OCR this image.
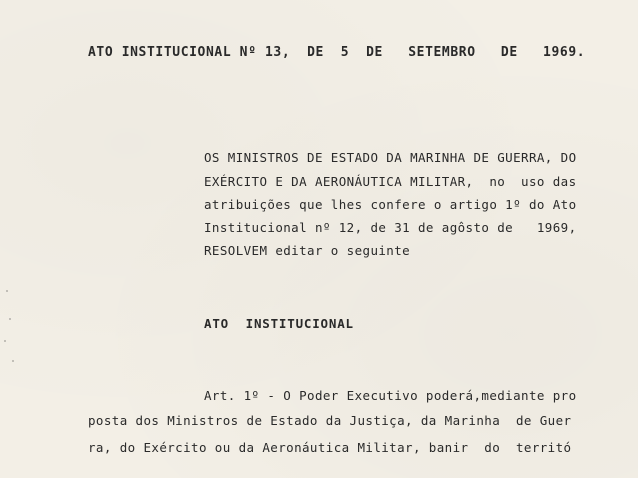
ATO INSTITUCIONAL Nº 13,  DE  5  DE   SETEMBRO   DE   1969.
OS MINISTROS DE ESTADO DA MARINHA DE GUERRA, DO
EXÉRCITO E DA AERONÁUTICA MILITAR,  no  uso das
atribuições que lhes confere o artigo 1º do Ato
Institucional nº 12, de 31 de agôsto de   1969,
RESOLVEM editar o seguinte
ATO  INSTITUCIONAL
Art. 1º - O Poder Executivo poderá,mediante pro
posta dos Ministros de Estado da Justiça, da Marinha  de Guer
ra, do Exército ou da Aeronáutica Militar, banir  do  territó
